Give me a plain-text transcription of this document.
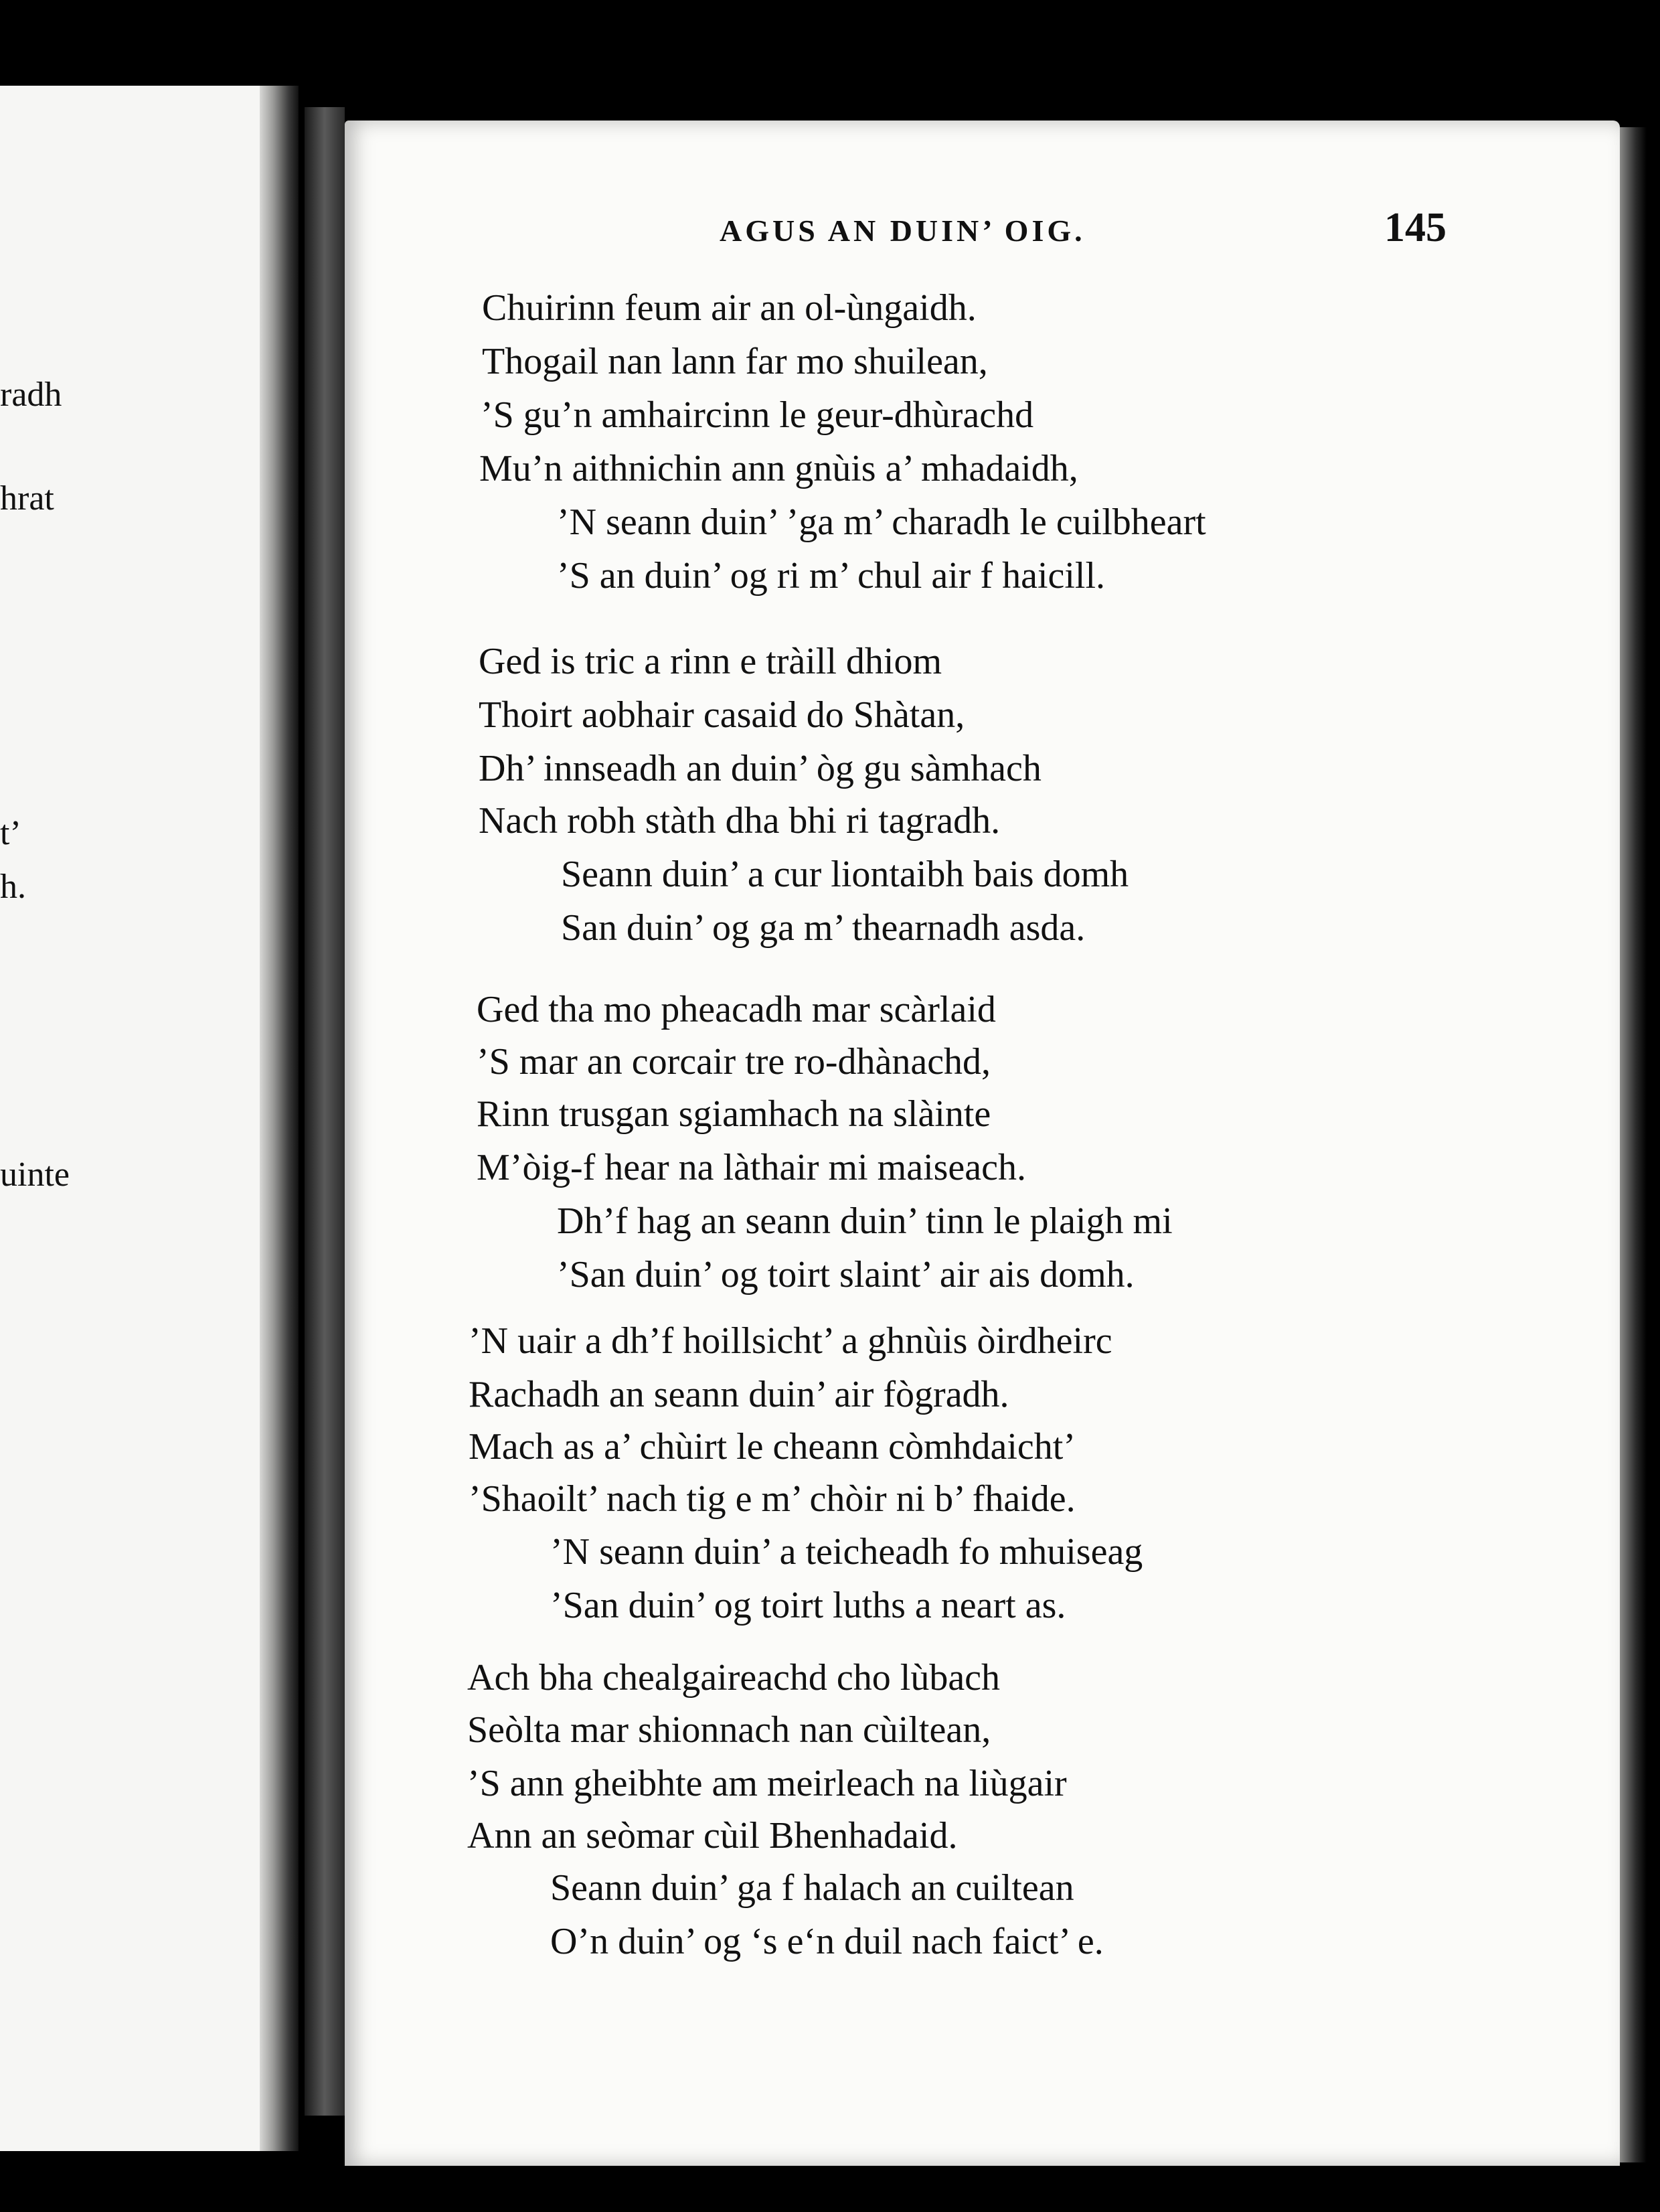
radh
hrat
t’
h.
uinte
AGUS AN DUIN’ OIG.	145
Chuirinn feum air an ol-ùngaidh.
Thogail nan lann far mo shuilean,
’S gu’n amhaircinn le geur-dhùrachd
Mu’n aithnichin ann gnùis a’ mhadaidh,
’N seann duin’ ’ga m’ charadh le cuilbheart
’S an duin’ og ri m’ chul air f haicill.
Ged is tric a rinn e tràill dhiom
Thoirt aobhair casaid do Shàtan,
Dh’ innseadh an duin’ òg gu sàmhach
Nach robh stàth dha bhi ri tagradh.
Seann duin’ a cur liontaibh bais domh
San duin’ og ga m’ thearnadh asda.
Ged tha mo pheacadh mar scàrlaid
’S mar an corcair tre ro-dhànachd,
Rinn trusgan sgiamhach na slàinte
M’òig-f hear na làthair mi maiseach.
Dh’f hag an seann duin’ tinn le plaigh mi
’San duin’ og toirt slaint’ air ais domh.
’N uair a dh’f hoillsicht’ a ghnùis òirdheirc
Rachadh an seann duin’ air fògradh.
Mach as a’ chùirt le cheann còmhdaicht’
’Shaoilt’ nach tig e m’ chòir ni b’ fhaide.
’N seann duin’ a teicheadh fo mhuiseag
’San duin’ og toirt luths a neart as.
Ach bha chealgaireachd cho lùbach
Seòlta mar shionnach nan cùiltean,
’S ann gheibhte am meirleach na liùgair
Ann an seòmar cùil Bhenhadaid.
Seann duin’ ga f halach an cuiltean
O’n duin’ og ‘s e‘n duil nach faict’ e.
